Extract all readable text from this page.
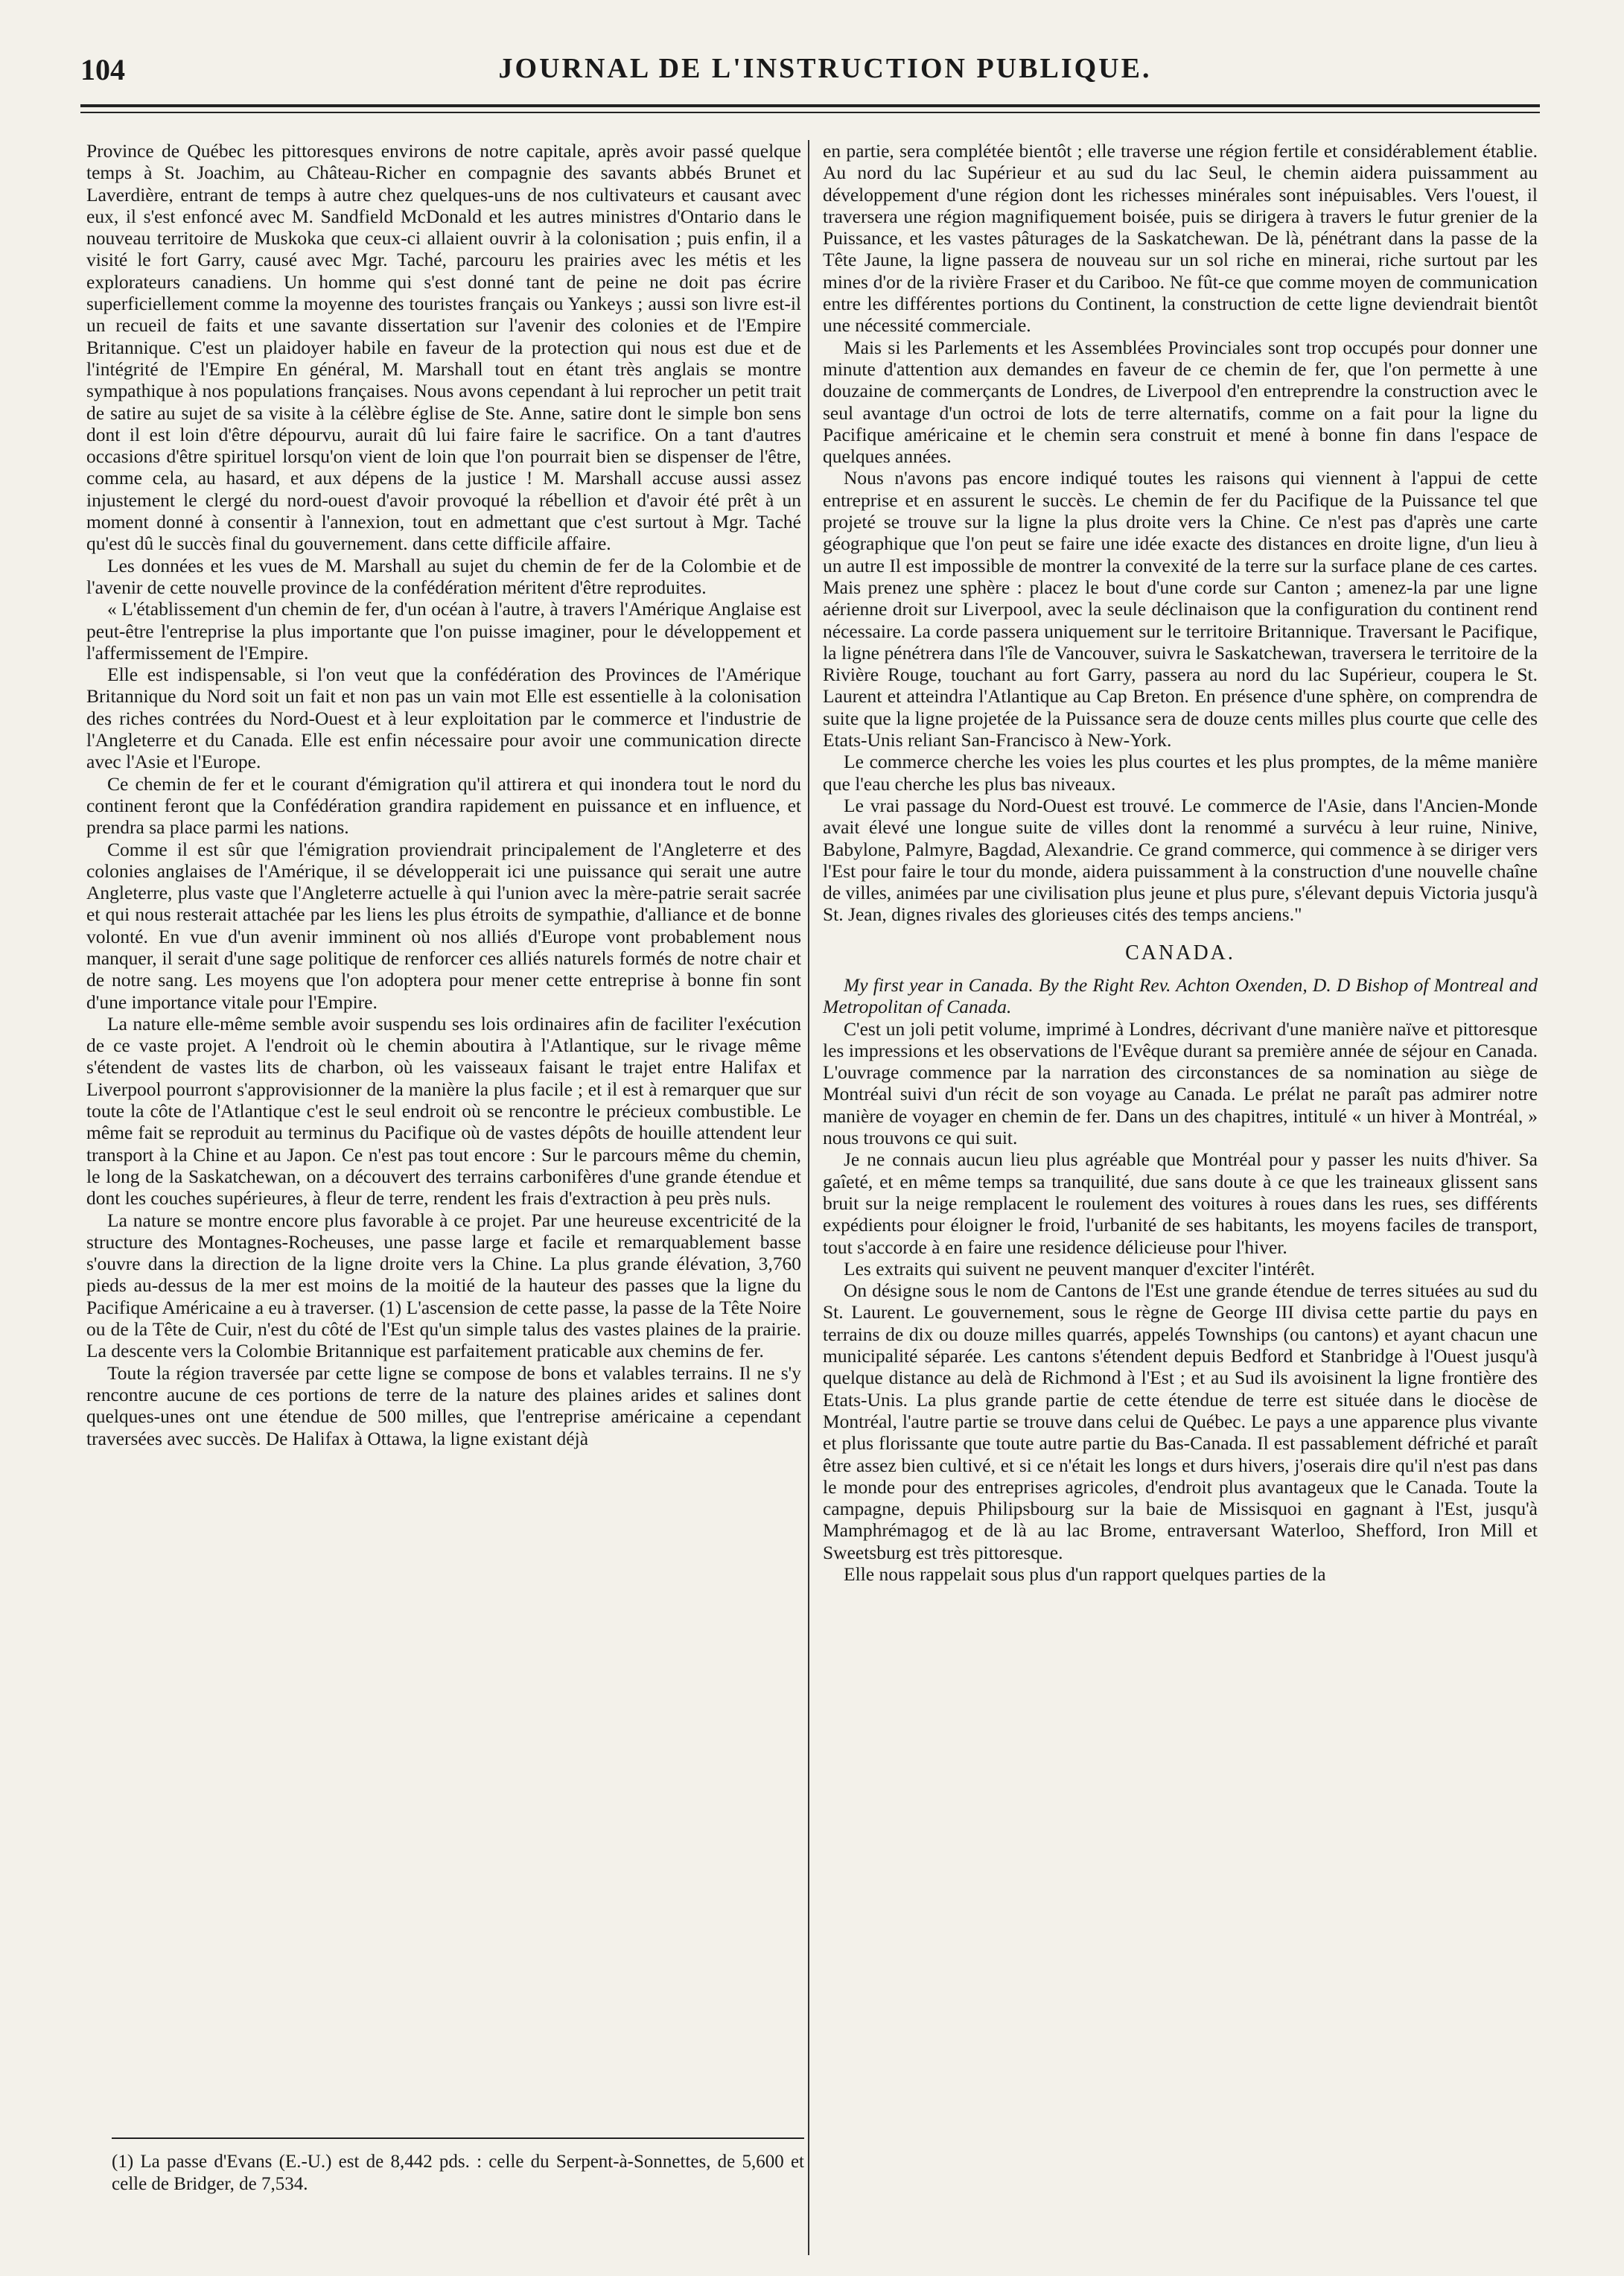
104	JOURNAL DE L'INSTRUCTION PUBLIQUE.

Province de Québec les pittoresques environs de notre capitale, après avoir passé quelque temps à St. Joachim, au Château-Richer en compagnie des savants abbés Brunet et Laverdière, entrant de temps à autre chez quelques-uns de nos cultivateurs et causant avec eux, il s'est enfoncé avec M. Sandfield McDonald et les autres ministres d'Ontario dans le nouveau territoire de Muskoka que ceux-ci allaient ouvrir à la colonisation ; puis enfin, il a visité le fort Garry, causé avec Mgr. Taché, parcouru les prairies avec les métis et les explorateurs canadiens. Un homme qui s'est donné tant de peine ne doit pas écrire superficiellement comme la moyenne des touristes français ou Yankeys ; aussi son livre est-il un recueil de faits et une savante dissertation sur l'avenir des colonies et de l'Empire Britannique. C'est un plaidoyer habile en faveur de la protection qui nous est due et de l'intégrité de l'Empire En général, M. Marshall tout en étant très anglais se montre sympathique à nos populations françaises. Nous avons cependant à lui reprocher un petit trait de satire au sujet de sa visite à la célèbre église de Ste. Anne, satire dont le simple bon sens dont il est loin d'être dépourvu, aurait dû lui faire faire le sacrifice. On a tant d'autres occasions d'être spirituel lorsqu'on vient de loin que l'on pourrait bien se dispenser de l'être, comme cela, au hasard, et aux dépens de la justice ! M. Marshall accuse aussi assez injustement le clergé du nord-ouest d'avoir provoqué la rébellion et d'avoir été prêt à un moment donné à consentir à l'annexion, tout en admettant que c'est surtout à Mgr. Taché qu'est dû le succès final du gouvernement. dans cette difficile affaire.

Les données et les vues de M. Marshall au sujet du chemin de fer de la Colombie et de l'avenir de cette nouvelle province de la confédération méritent d'être reproduites.

« L'établissement d'un chemin de fer, d'un océan à l'autre, à travers l'Amérique Anglaise est peut-être l'entreprise la plus importante que l'on puisse imaginer, pour le développement et l'affermissement de l'Empire.

Elle est indispensable, si l'on veut que la confédération des Provinces de l'Amérique Britannique du Nord soit un fait et non pas un vain mot Elle est essentielle à la colonisation des riches contrées du Nord-Ouest et à leur exploitation par le commerce et l'industrie de l'Angleterre et du Canada. Elle est enfin nécessaire pour avoir une communication directe avec l'Asie et l'Europe.

Ce chemin de fer et le courant d'émigration qu'il attirera et qui inondera tout le nord du continent feront que la Confédération grandira rapidement en puissance et en influence, et prendra sa place parmi les nations.

Comme il est sûr que l'émigration proviendrait principalement de l'Angleterre et des colonies anglaises de l'Amérique, il se développerait ici une puissance qui serait une autre Angleterre, plus vaste que l'Angleterre actuelle à qui l'union avec la mère-patrie serait sacrée et qui nous resterait attachée par les liens les plus étroits de sympathie, d'alliance et de bonne volonté. En vue d'un avenir imminent où nos alliés d'Europe vont probablement nous manquer, il serait d'une sage politique de renforcer ces alliés naturels formés de notre chair et de notre sang. Les moyens que l'on adoptera pour mener cette entreprise à bonne fin sont d'une importance vitale pour l'Empire.

La nature elle-même semble avoir suspendu ses lois ordinaires afin de faciliter l'exécution de ce vaste projet. A l'endroit où le chemin aboutira à l'Atlantique, sur le rivage même s'étendent de vastes lits de charbon, où les vaisseaux faisant le trajet entre Halifax et Liverpool pourront s'approvisionner de la manière la plus facile ; et il est à remarquer que sur toute la côte de l'Atlantique c'est le seul endroit où se rencontre le précieux combustible. Le même fait se reproduit au terminus du Pacifique où de vastes dépôts de houille attendent leur transport à la Chine et au Japon. Ce n'est pas tout encore : Sur le parcours même du chemin, le long de la Saskatchewan, on a découvert des terrains carbonifères d'une grande étendue et dont les couches supérieures, à fleur de terre, rendent les frais d'extraction à peu près nuls.

La nature se montre encore plus favorable à ce projet. Par une heureuse excentricité de la structure des Montagnes-Rocheuses, une passe large et facile et remarquablement basse s'ouvre dans la direction de la ligne droite vers la Chine. La plus grande élévation, 3,760 pieds au-dessus de la mer est moins de la moitié de la hauteur des passes que la ligne du Pacifique Américaine a eu à traverser. (1) L'ascension de cette passe, la passe de la Tête Noire ou de la Tête de Cuir, n'est du côté de l'Est qu'un simple talus des vastes plaines de la prairie. La descente vers la Colombie Britannique est parfaitement praticable aux chemins de fer.

Toute la région traversée par cette ligne se compose de bons et valables terrains. Il ne s'y rencontre aucune de ces portions de terre de la nature des plaines arides et salines dont quelques-unes ont une étendue de 500 milles, que l'entreprise américaine a cependant traversées avec succès. De Halifax à Ottawa, la ligne existant déjà

en partie, sera complétée bientôt ; elle traverse une région fertile et considérablement établie. Au nord du lac Supérieur et au sud du lac Seul, le chemin aidera puissamment au développement d'une région dont les richesses minérales sont inépuisables. Vers l'ouest, il traversera une région magnifiquement boisée, puis se dirigera à travers le futur grenier de la Puissance, et les vastes pâturages de la Saskatchewan. De là, pénétrant dans la passe de la Tête Jaune, la ligne passera de nouveau sur un sol riche en minerai, riche surtout par les mines d'or de la rivière Fraser et du Cariboo. Ne fût-ce que comme moyen de communication entre les différentes portions du Continent, la construction de cette ligne deviendrait bientôt une nécessité commerciale.

Mais si les Parlements et les Assemblées Provinciales sont trop occupés pour donner une minute d'attention aux demandes en faveur de ce chemin de fer, que l'on permette à une douzaine de commerçants de Londres, de Liverpool d'en entreprendre la construction avec le seul avantage d'un octroi de lots de terre alternatifs, comme on a fait pour la ligne du Pacifique américaine et le chemin sera construit et mené à bonne fin dans l'espace de quelques années.

Nous n'avons pas encore indiqué toutes les raisons qui viennent à l'appui de cette entreprise et en assurent le succès. Le chemin de fer du Pacifique de la Puissance tel que projeté se trouve sur la ligne la plus droite vers la Chine. Ce n'est pas d'après une carte géographique que l'on peut se faire une idée exacte des distances en droite ligne, d'un lieu à un autre Il est impossible de montrer la convexité de la terre sur la surface plane de ces cartes. Mais prenez une sphère : placez le bout d'une corde sur Canton ; amenez-la par une ligne aérienne droit sur Liverpool, avec la seule déclinaison que la configuration du continent rend nécessaire. La corde passera uniquement sur le territoire Britannique. Traversant le Pacifique, la ligne pénétrera dans l'île de Vancouver, suivra le Saskatchewan, traversera le territoire de la Rivière Rouge, touchant au fort Garry, passera au nord du lac Supérieur, coupera le St. Laurent et atteindra l'Atlantique au Cap Breton. En présence d'une sphère, on comprendra de suite que la ligne projetée de la Puissance sera de douze cents milles plus courte que celle des Etats-Unis reliant San-Francisco à New-York.

Le commerce cherche les voies les plus courtes et les plus promptes, de la même manière que l'eau cherche les plus bas niveaux.

Le vrai passage du Nord-Ouest est trouvé. Le commerce de l'Asie, dans l'Ancien-Monde avait élevé une longue suite de villes dont la renommé a survécu à leur ruine, Ninive, Babylone, Palmyre, Bagdad, Alexandrie. Ce grand commerce, qui commence à se diriger vers l'Est pour faire le tour du monde, aidera puissamment à la construction d'une nouvelle chaîne de villes, animées par une civilisation plus jeune et plus pure, s'élevant depuis Victoria jusqu'à St. Jean, dignes rivales des glorieuses cités des temps anciens."

CANADA.

My first year in Canada. By the Right Rev. Achton Oxenden, D. D Bishop of Montreal and Metropolitan of Canada.

C'est un joli petit volume, imprimé à Londres, décrivant d'une manière naïve et pittoresque les impressions et les observations de l'Evêque durant sa première année de séjour en Canada. L'ouvrage commence par la narration des circonstances de sa nomination au siège de Montréal suivi d'un récit de son voyage au Canada. Le prélat ne paraît pas admirer notre manière de voyager en chemin de fer. Dans un des chapitres, intitulé « un hiver à Montréal, » nous trouvons ce qui suit.

Je ne connais aucun lieu plus agréable que Montréal pour y passer les nuits d'hiver. Sa gaîeté, et en même temps sa tranquilité, due sans doute à ce que les traineaux glissent sans bruit sur la neige remplacent le roulement des voitures à roues dans les rues, ses différents expédients pour éloigner le froid, l'urbanité de ses habitants, les moyens faciles de transport, tout s'accorde à en faire une residence délicieuse pour l'hiver.

Les extraits qui suivent ne peuvent manquer d'exciter l'intérêt.

On désigne sous le nom de Cantons de l'Est une grande étendue de terres situées au sud du St. Laurent. Le gouvernement, sous le règne de George III divisa cette partie du pays en terrains de dix ou douze milles quarrés, appelés Townships (ou cantons) et ayant chacun une municipalité séparée. Les cantons s'étendent depuis Bedford et Stanbridge à l'Ouest jusqu'à quelque distance au delà de Richmond à l'Est ; et au Sud ils avoisinent la ligne frontière des Etats-Unis. La plus grande partie de cette étendue de terre est située dans le diocèse de Montréal, l'autre partie se trouve dans celui de Québec. Le pays a une apparence plus vivante et plus florissante que toute autre partie du Bas-Canada. Il est passablement défriché et paraît être assez bien cultivé, et si ce n'était les longs et durs hivers, j'oserais dire qu'il n'est pas dans le monde pour des entreprises agricoles, d'endroit plus avantageux que le Canada. Toute la campagne, depuis Philipsbourg sur la baie de Missisquoi en gagnant à l'Est, jusqu'à Mamphrémagog et de là au lac Brome, entraversant Waterloo, Shefford, Iron Mill et Sweetsburg est très pittoresque.

Elle nous rappelait sous plus d'un rapport quelques parties de la

(1) La passe d'Evans (E.-U.) est de 8,442 pds. : celle du Serpent-à-Sonnettes, de 5,600 et celle de Bridger, de 7,534.
